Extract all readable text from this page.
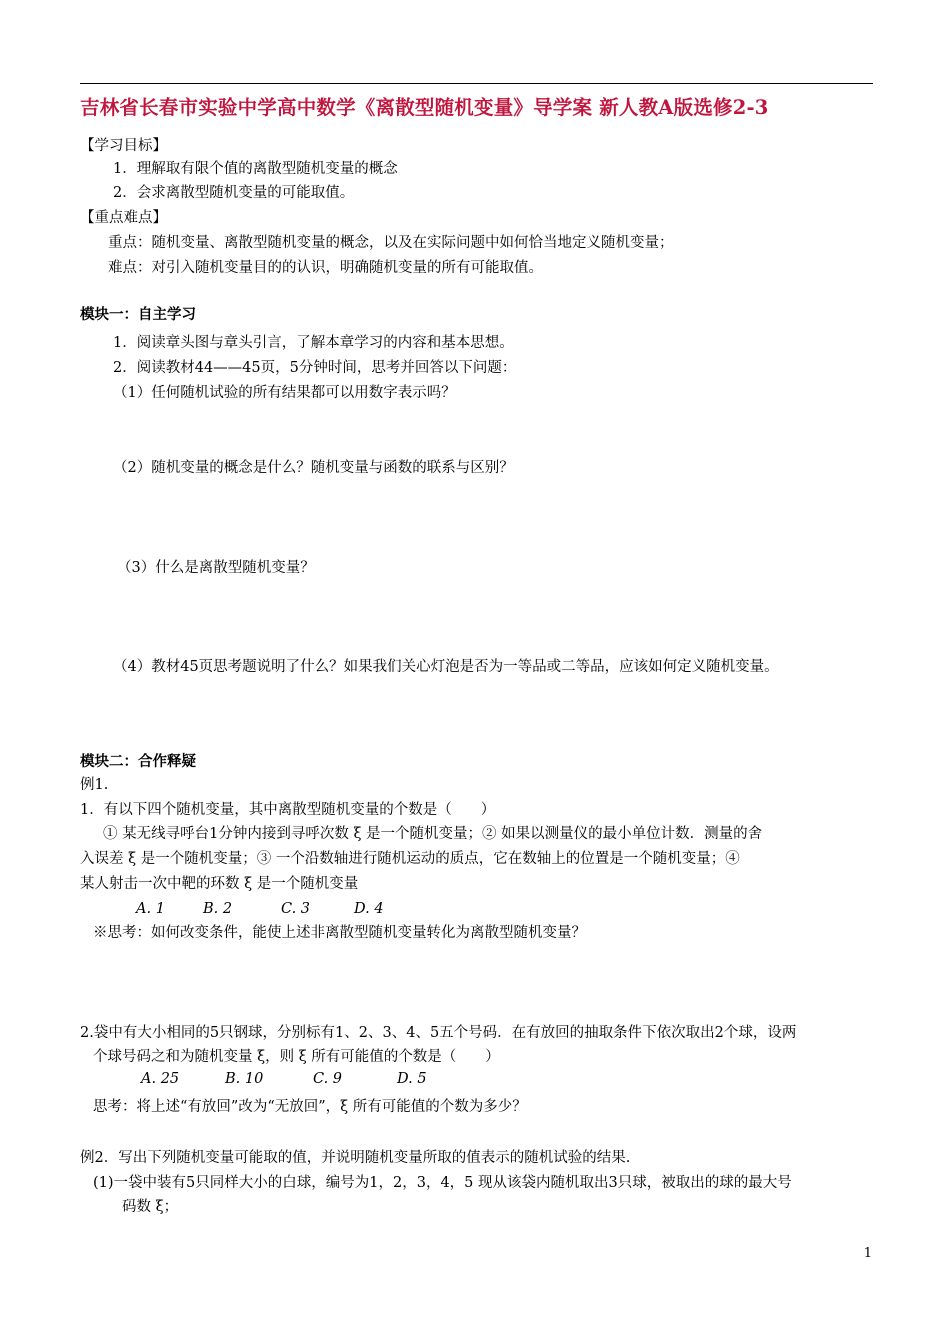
吉林省长春市实验中学高中数学《离散型随机变量》导学案 新人教A版选修2-3
【学习目标】
1．理解取有限个值的离散型随机变量的概念
2．会求离散型随机变量的可能取值。
【重点难点】
重点：随机变量、离散型随机变量的概念，以及在实际问题中如何恰当地定义随机变量；
难点：对引入随机变量目的的认识，明确随机变量的所有可能取值。
模块一：自主学习
1．阅读章头图与章头引言，了解本章学习的内容和基本思想。
2．阅读教材44——45页，5分钟时间，思考并回答以下问题：
（1）任何随机试验的所有结果都可以用数字表示吗？
（2）随机变量的概念是什么？随机变量与函数的联系与区别？
（3）什么是离散型随机变量？
（4）教材45页思考题说明了什么？如果我们关心灯泡是否为一等品或二等品，应该如何定义随机变量。
模块二：合作释疑
例1.
1．有以下四个随机变量，其中离散型随机变量的个数是（　　）
① 某无线寻呼台1分钟内接到寻呼次数 ξ 是一个随机变量；② 如果以测量仪的最小单位计数．测量的舍
入误差 ξ 是一个随机变量；③ 一个沿数轴进行随机运动的质点，它在数轴上的位置是一个随机变量；④
某人射击一次中靶的环数 ξ 是一个随机变量
A. 1	B. 2	C. 3	D. 4
※思考：如何改变条件，能使上述非离散型随机变量转化为离散型随机变量？
2.袋中有大小相同的5只钢球，分别标有1、2、3、4、5五个号码．在有放回的抽取条件下依次取出2个球，设两
个球号码之和为随机变量 ξ，则 ξ 所有可能值的个数是（　　）
A. 25	B. 10	C. 9	D. 5
思考：将上述“有放回”改为“无放回”，ξ 所有可能值的个数为多少？
例2．写出下列随机变量可能取的值，并说明随机变量所取的值表示的随机试验的结果.
(1)一袋中装有5只同样大小的白球，编号为1，2，3，4，5 现从该袋内随机取出3只球，被取出的球的最大号
码数 ξ；
1
